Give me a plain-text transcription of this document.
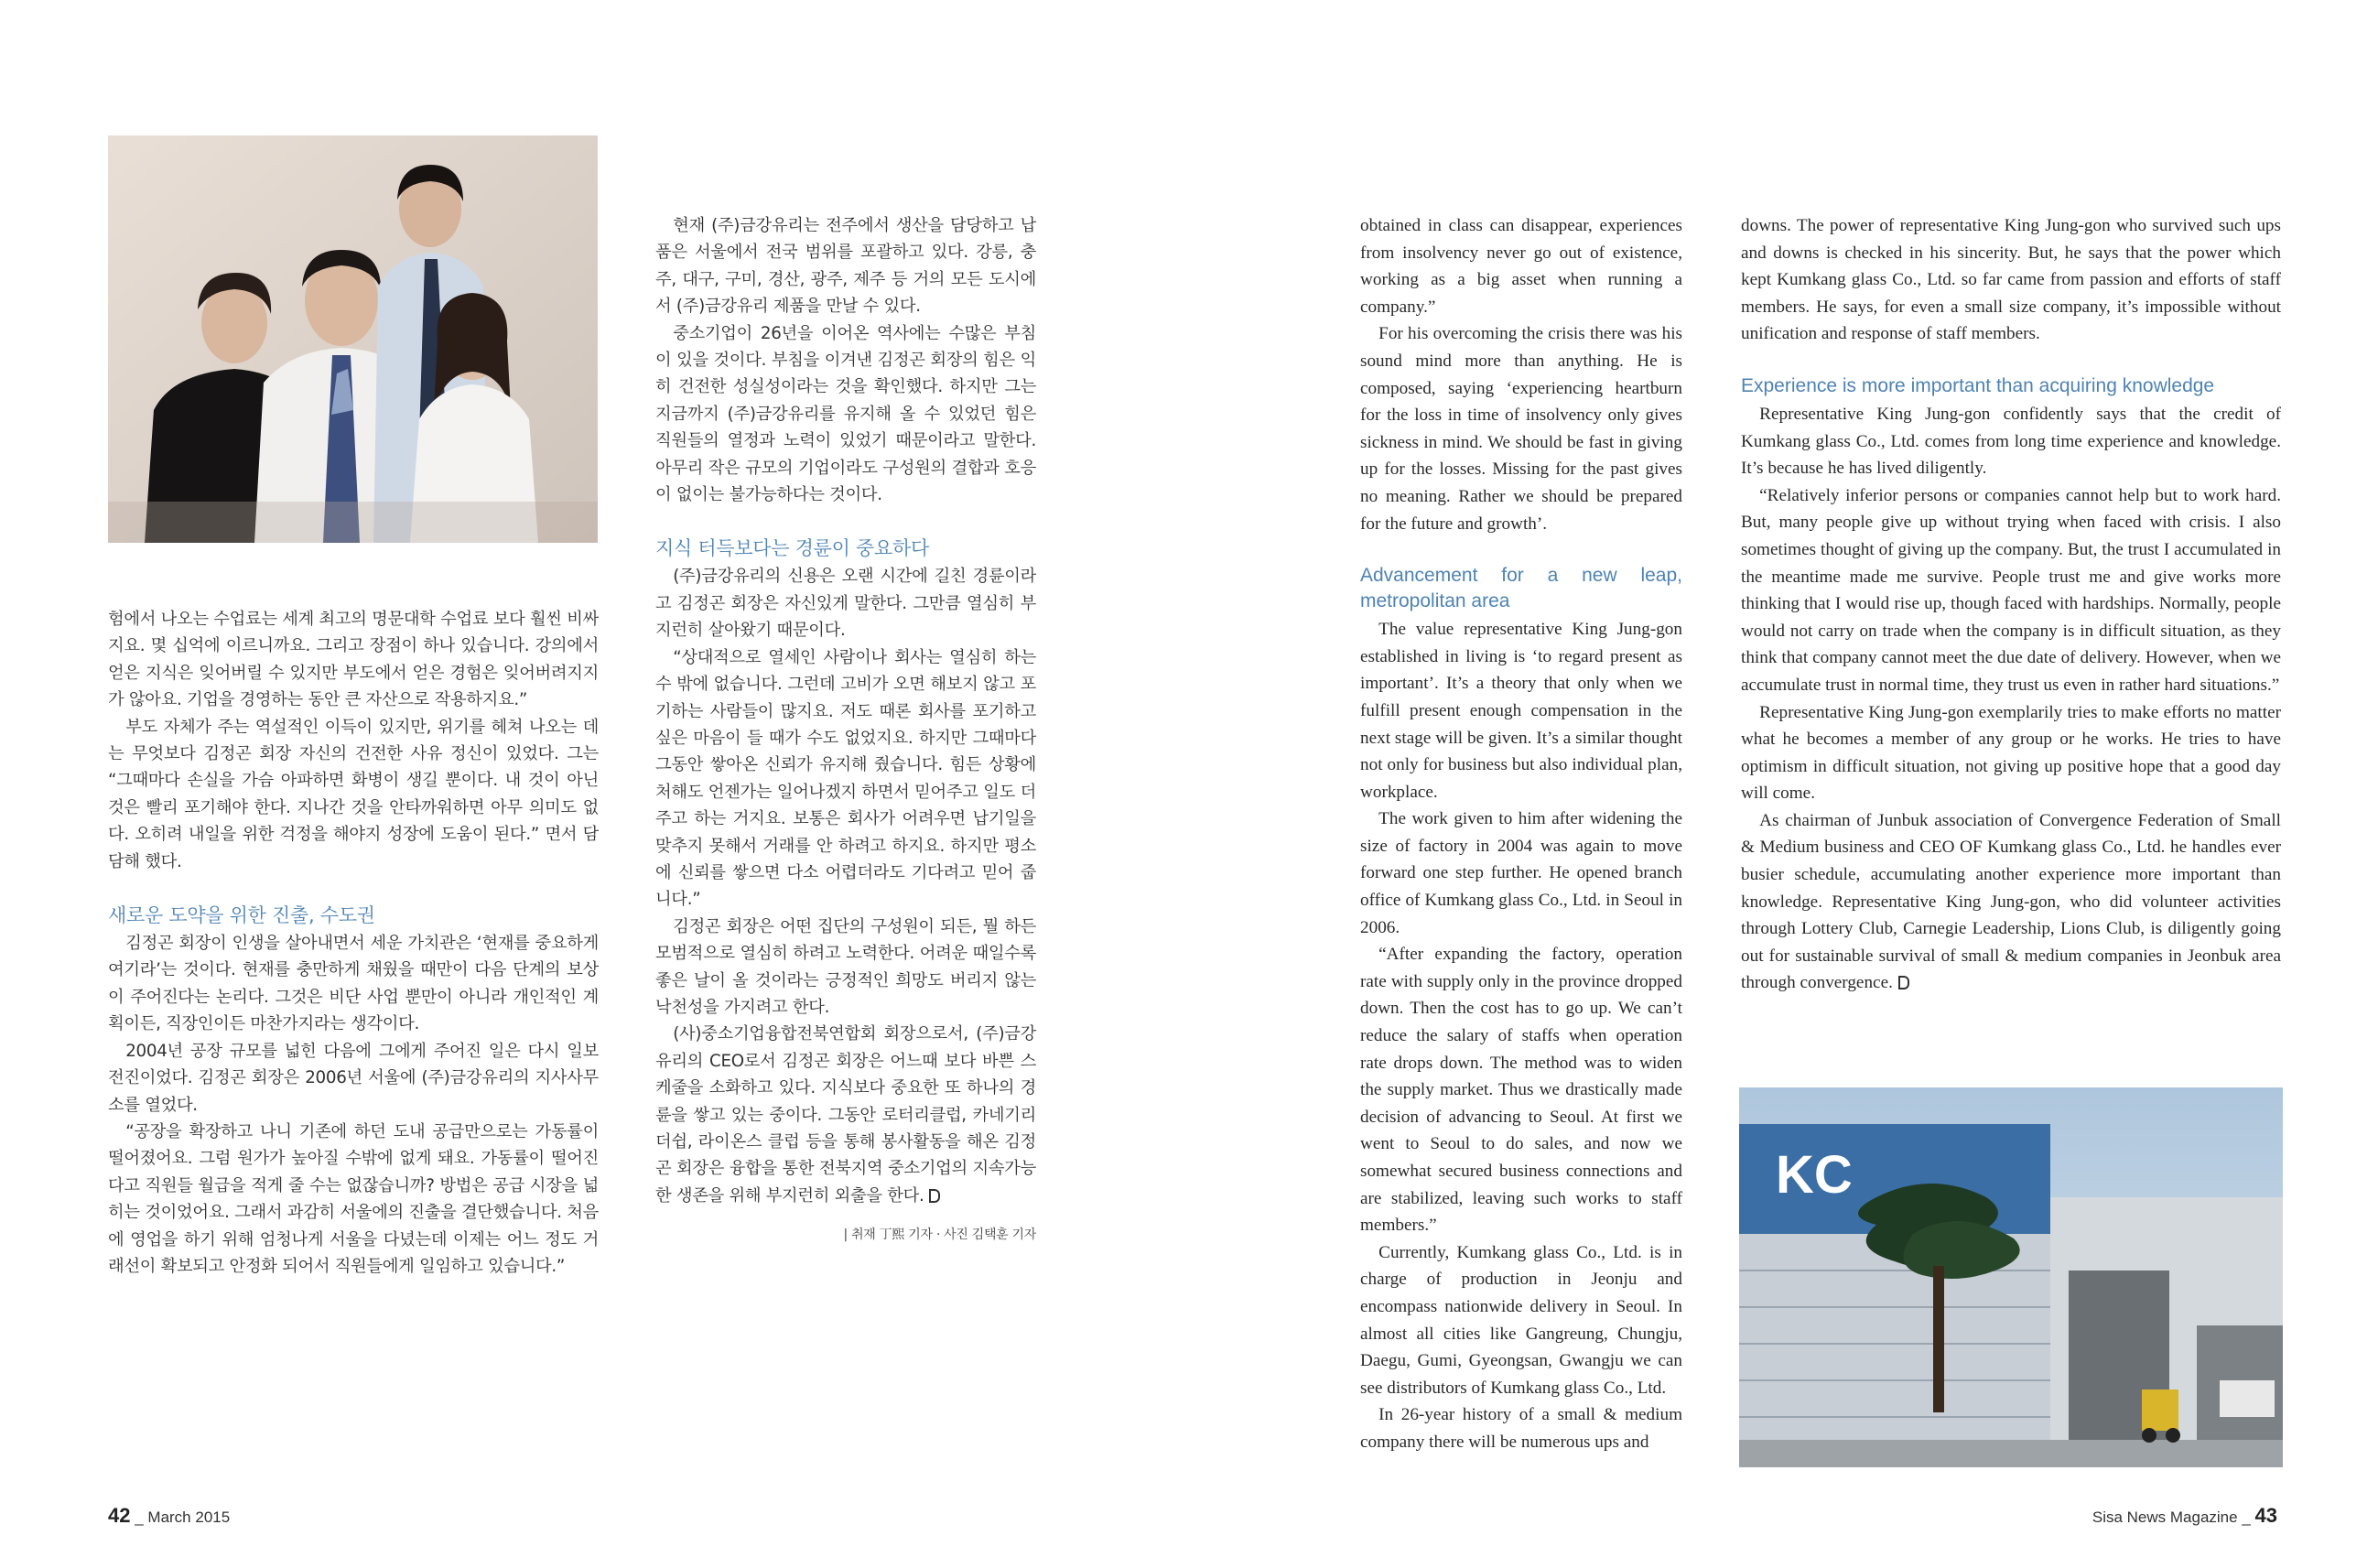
험에서 나오는 수업료는 세계 최고의 명문대학 수업료 보다 훨씬 비싸지요. 몇 십억에 이르니까요. 그리고 장점이 하나 있습니다. 강의에서 얻은 지식은 잊어버릴 수 있지만 부도에서 얻은 경험은 잊어버려지지가 않아요. 기업을 경영하는 동안 큰 자산으로 작용하지요.”

부도 자체가 주는 역설적인 이득이 있지만, 위기를 헤쳐 나오는 데는 무엇보다 김정곤 회장 자신의 건전한 사유 정신이 있었다. 그는 “그때마다 손실을 가슴 아파하면 화병이 생길 뿐이다. 내 것이 아닌 것은 빨리 포기해야 한다. 지나간 것을 안타까워하면 아무 의미도 없다. 오히려 내일을 위한 걱정을 해야지 성장에 도움이 된다.” 면서 담담해 했다.

새로운 도약을 위한 진출, 수도권

김정곤 회장이 인생을 살아내면서 세운 가치관은 ‘현재를 중요하게 여기라’는 것이다. 현재를 충만하게 채웠을 때만이 다음 단계의 보상이 주어진다는 논리다. 그것은 비단 사업 뿐만이 아니라 개인적인 계획이든, 직장인이든 마찬가지라는 생각이다.

2004년 공장 규모를 넓힌 다음에 그에게 주어진 일은 다시 일보 전진이었다. 김정곤 회장은 2006년 서울에 (주)금강유리의 지사사무소를 열었다.

“공장을 확장하고 나니 기존에 하던 도내 공급만으로는 가동률이 떨어졌어요. 그럼 원가가 높아질 수밖에 없게 돼요. 가동률이 떨어진다고 직원들 월급을 적게 줄 수는 없잖습니까? 방법은 공급 시장을 넓히는 것이었어요. 그래서 과감히 서울에의 진출을 결단했습니다. 처음에 영업을 하기 위해 엄청나게 서울을 다녔는데 이제는 어느 정도 거래선이 확보되고 안정화 되어서 직원들에게 일임하고 있습니다.”

현재 (주)금강유리는 전주에서 생산을 담당하고 납품은 서울에서 전국 범위를 포괄하고 있다. 강릉, 충주, 대구, 구미, 경산, 광주, 제주 등 거의 모든 도시에서 (주)금강유리 제품을 만날 수 있다.

중소기업이 26년을 이어온 역사에는 수많은 부침이 있을 것이다. 부침을 이겨낸 김정곤 회장의 힘은 익히 건전한 성실성이라는 것을 확인했다. 하지만 그는 지금까지 (주)금강유리를 유지해 올 수 있었던 힘은 직원들의 열정과 노력이 있었기 때문이라고 말한다. 아무리 작은 규모의 기업이라도 구성원의 결합과 호응이 없이는 불가능하다는 것이다.

지식 터득보다는 경륜이 중요하다

(주)금강유리의 신용은 오랜 시간에 길친 경륜이라고 김정곤 회장은 자신있게 말한다. 그만큼 열심히 부지런히 살아왔기 때문이다.

“상대적으로 열세인 사람이나 회사는 열심히 하는 수 밖에 없습니다. 그런데 고비가 오면 해보지 않고 포기하는 사람들이 많지요. 저도 때론 회사를 포기하고 싶은 마음이 들 때가 수도 없었지요. 하지만 그때마다 그동안 쌓아온 신뢰가 유지해 줬습니다. 힘든 상황에 처해도 언젠가는 일어나겠지 하면서 믿어주고 일도 더 주고 하는 거지요. 보통은 회사가 어려우면 납기일을 맞추지 못해서 거래를 안 하려고 하지요. 하지만 평소에 신뢰를 쌓으면 다소 어렵더라도 기다려고 믿어 줍니다.”

김정곤 회장은 어떤 집단의 구성원이 되든, 뭘 하든 모범적으로 열심히 하려고 노력한다. 어려운 때일수록 좋은 날이 올 것이라는 긍정적인 희망도 버리지 않는 낙천성을 가지려고 한다.

(사)중소기업융합전북연합회 회장으로서, (주)금강유리의 CEO로서 김정곤 회장은 어느때 보다 바쁜 스케줄을 소화하고 있다. 지식보다 중요한 또 하나의 경륜을 쌓고 있는 중이다. 그동안 로터리클럽, 카네기리더쉽, 라이온스 클럽 등을 통해 봉사활동을 해온 김정곤 회장은 융합을 통한 전북지역 중소기업의 지속가능한 생존을 위해 부지런히 외출을 한다.

| 취재 丁熙 기자 · 사진 김택훈 기자
42 _ March 2015

obtained in class can disappear, experiences from insolvency never go out of existence, working as a big asset when running a company.”

For his overcoming the crisis there was his sound mind more than anything. He is composed, saying ‘experiencing heartburn for the loss in time of insolvency only gives sickness in mind. We should be fast in giving up for the losses. Missing for the past gives no meaning. Rather we should be prepared for the future and growth’.

Advancement for a new leap, metropolitan area

The value representative King Jung-gon established in living is ‘to regard present as important’. It’s a theory that only when we fulfill present enough compensation in the next stage will be given. It’s a similar thought not only for business but also individual plan, workplace.

The work given to him after widening the size of factory in 2004 was again to move forward one step further. He opened branch office of Kumkang glass Co., Ltd. in Seoul in 2006.

“After expanding the factory, operation rate with supply only in the province dropped down. Then the cost has to go up. We can’t reduce the salary of staffs when operation rate drops down. The method was to widen the supply market. Thus we drastically made decision of advancing to Seoul. At first we went to Seoul to do sales, and now we somewhat secured business connections and are stabilized, leaving such works to staff members.”

Currently, Kumkang glass Co., Ltd. is in charge of production in Jeonju and encompass nationwide delivery in Seoul. In almost all cities like Gangreung, Chungju, Daegu, Gumi, Gyeongsan, Gwangju we can see distributors of Kumkang glass Co., Ltd.

In 26-year history of a small & medium company there will be numerous ups and

downs. The power of representative King Jung-gon who survived such ups and downs is checked in his sincerity. But, he says that the power which kept Kumkang glass Co., Ltd. so far came from passion and efforts of staff members. He says, for even a small size company, it’s impossible without unification and response of staff members.

Experience is more important than acquiring knowledge

Representative King Jung-gon confidently says that the credit of Kumkang glass Co., Ltd. comes from long time experience and knowledge. It’s because he has lived diligently.

“Relatively inferior persons or companies cannot help but to work hard. But, many people give up without trying when faced with crisis. I also sometimes thought of giving up the company. But, the trust I accumulated in the meantime made me survive. People trust me and give works more thinking that I would rise up, though faced with hardships. Normally, people would not carry on trade when the company is in difficult situation, as they think that company cannot meet the due date of delivery. However, when we accumulate trust in normal time, they trust us even in rather hard situations.”

Representative King Jung-gon exemplarily tries to make efforts no matter what he becomes a member of any group or he works. He tries to have optimism in difficult situation, not giving up positive hope that a good day will come.

As chairman of Junbuk association of Convergence Federation of Small & Medium business and CEO OF Kumkang glass Co., Ltd. he handles ever busier schedule, accumulating another experience more important than knowledge. Representative King Jung-gon, who did volunteer activities through Lottery Club, Carnegie Leadership, Lions Club, is diligently going out for sustainable survival of small & medium companies in Jeonbuk area through convergence.

KC
Sisa News Magazine _ 43
